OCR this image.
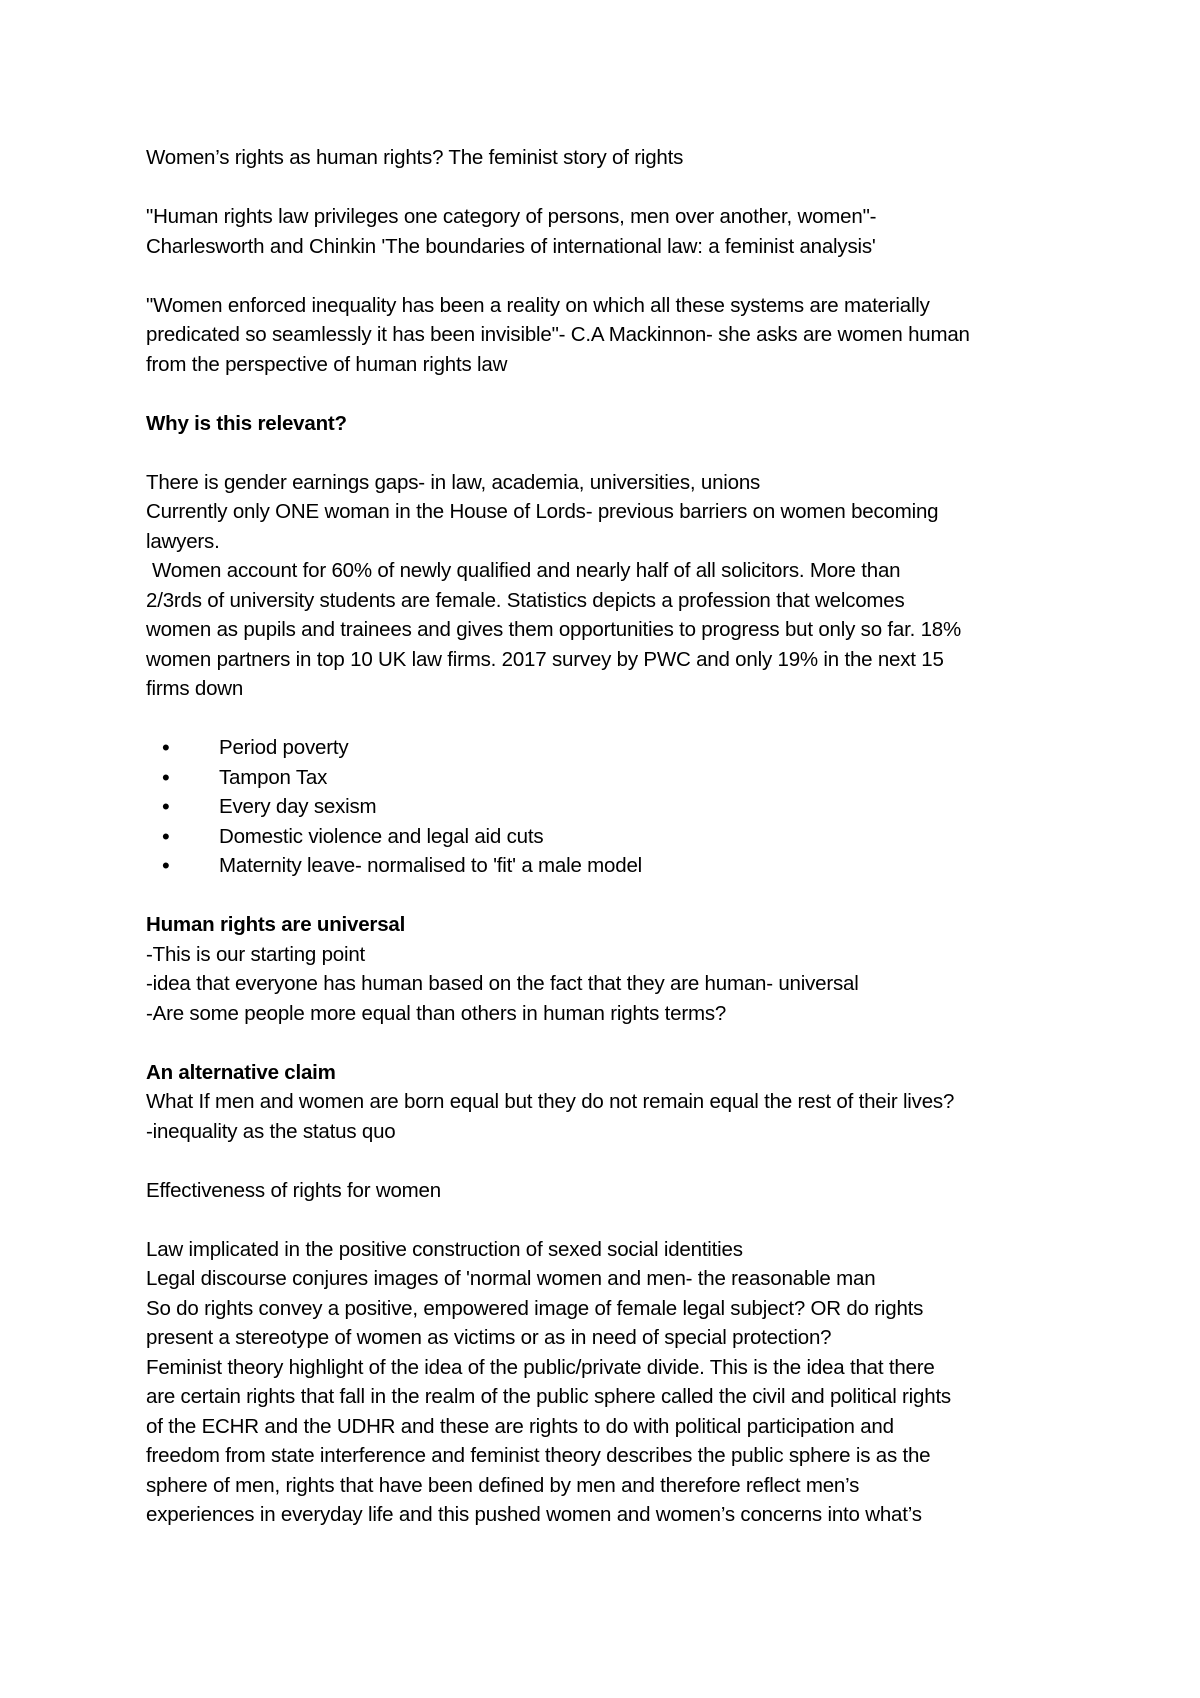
Women’s rights as human rights? The feminist story of rights

"Human rights law privileges one category of persons, men over another, women"-

Charlesworth and Chinkin 'The boundaries of international law: a feminist analysis'

"Women enforced inequality has been a reality on which all these systems are materially

predicated so seamlessly it has been invisible"- C.A Mackinnon- she asks are women human

from the perspective of human rights law

Why is this relevant?

There is gender earnings gaps- in law, academia, universities, unions

Currently only ONE woman in the House of Lords- previous barriers on women becoming

lawyers.

Women account for 60% of newly qualified and nearly half of all solicitors. More than

2/3rds of university students are female. Statistics depicts a profession that welcomes

women as pupils and trainees and gives them opportunities to progress but only so far. 18%

women partners in top 10 UK law firms. 2017 survey by PWC and only 19% in the next 15

firms down

• Period poverty
• Tampon Tax
• Every day sexism
• Domestic violence and legal aid cuts
• Maternity leave- normalised to 'fit' a male model

Human rights are universal

-This is our starting point

-idea that everyone has human based on the fact that they are human- universal

-Are some people more equal than others in human rights terms?

An alternative claim

What If men and women are born equal but they do not remain equal the rest of their lives?

-inequality as the status quo

Effectiveness of rights for women

Law implicated in the positive construction of sexed social identities

Legal discourse conjures images of 'normal women and men- the reasonable man

So do rights convey a positive, empowered image of female legal subject? OR do rights

present a stereotype of women as victims or as in need of special protection?

Feminist theory highlight of the idea of the public/private divide. This is the idea that there

are certain rights that fall in the realm of the public sphere called the civil and political rights

of the ECHR and the UDHR and these are rights to do with political participation and

freedom from state interference and feminist theory describes the public sphere is as the

sphere of men, rights that have been defined by men and therefore reflect men’s

experiences in everyday life and this pushed women and women’s concerns into what’s
